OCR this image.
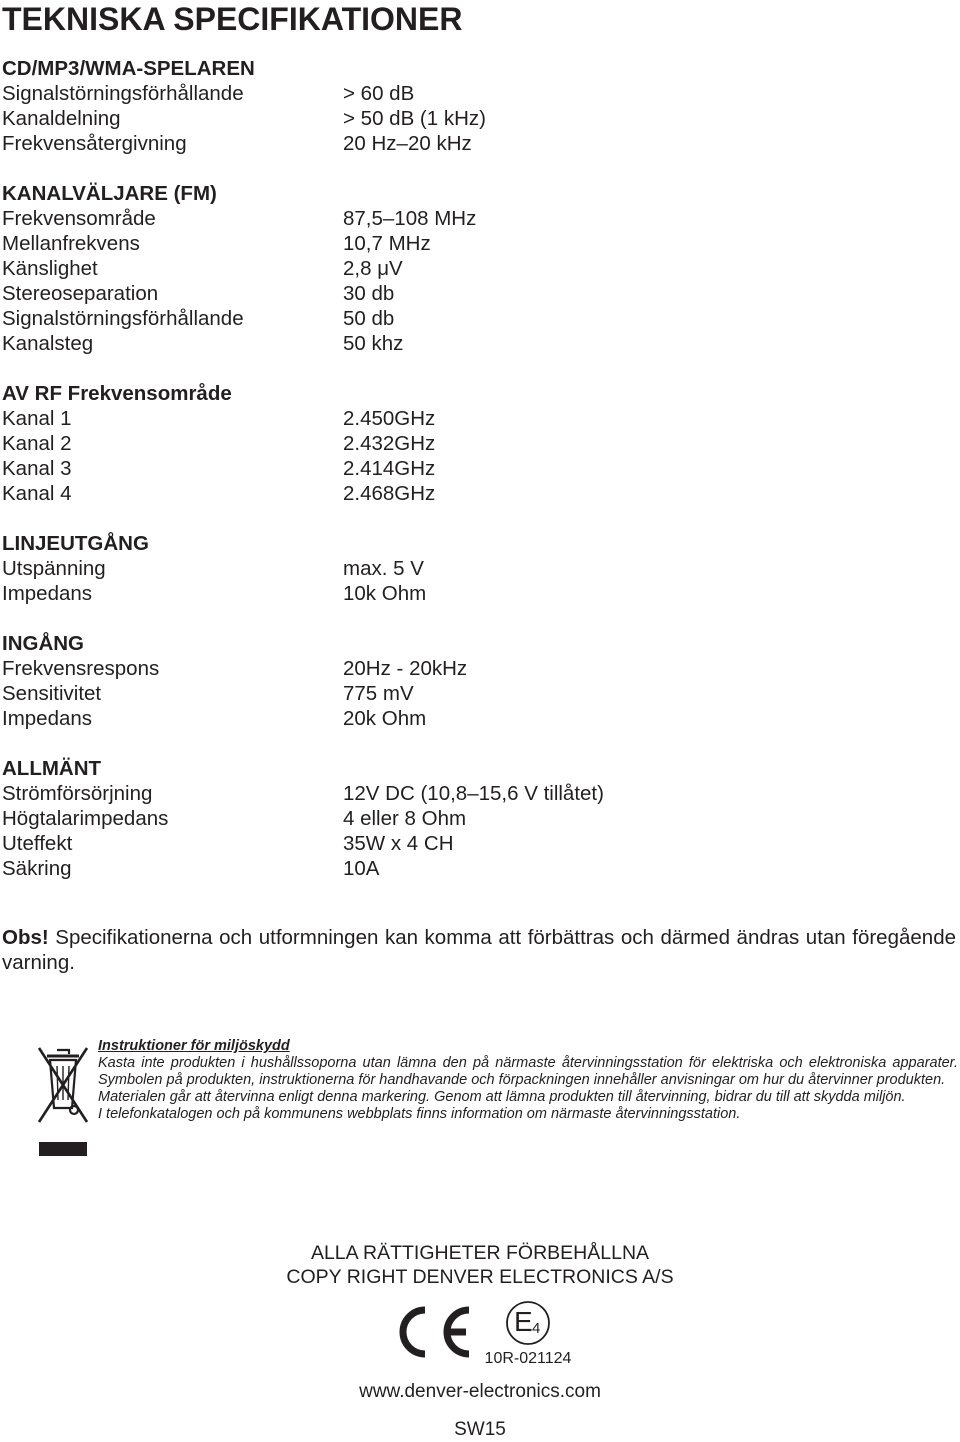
TEKNISKA SPECIFIKATIONER
CD/MP3/WMA-SPELAREN
Signalstörningsförhållande	> 60 dB
Kanaldelning	> 50 dB (1 kHz)
Frekvensåtergivning	20 Hz–20 kHz
KANALVÄLJARE (FM)
Frekvensområde	87,5–108 MHz
Mellanfrekvens	10,7 MHz
Känslighet	2,8 μV
Stereoseparation	30 db
Signalstörningsförhållande	50 db
Kanalsteg	50 khz
AV RF Frekvensområde
Kanal 1	2.450GHz
Kanal 2	2.432GHz
Kanal 3	2.414GHz
Kanal 4	2.468GHz
LINJEUTGÅNG
Utspänning	max. 5 V
Impedans	10k Ohm
INGÅNG
Frekvensrespons	20Hz - 20kHz
Sensitivitet	775 mV
Impedans	20k Ohm
ALLMÄNT
Strömförsörjning	12V DC (10,8–15,6 V tillåtet)
Högtalarimpedans	4 eller 8 Ohm
Uteffekt	35W x 4 CH
Säkring	10A

Obs! Specifikationerna och utformningen kan komma att förbättras och därmed ändras utan föregående varning.

Instruktioner för miljöskydd

Kasta inte produkten i hushållssoporna utan lämna den på närmaste återvinningsstation för elektriska och elektroniska apparater. Symbolen på produkten, instruktionerna för handhavande och förpackningen innehåller anvisningar om hur du återvinner produkten.

Materialen går att återvinna enligt denna markering. Genom att lämna produkten till återvinning, bidrar du till att skydda miljön.

I telefonkatalogen och på kommunens webbplats finns information om närmaste återvinningsstation.

ALLA RÄTTIGHETER FÖRBEHÅLLNA
COPY RIGHT DENVER ELECTRONICS A/S
E 4
10R-021124
www.denver-electronics.com
SW15
